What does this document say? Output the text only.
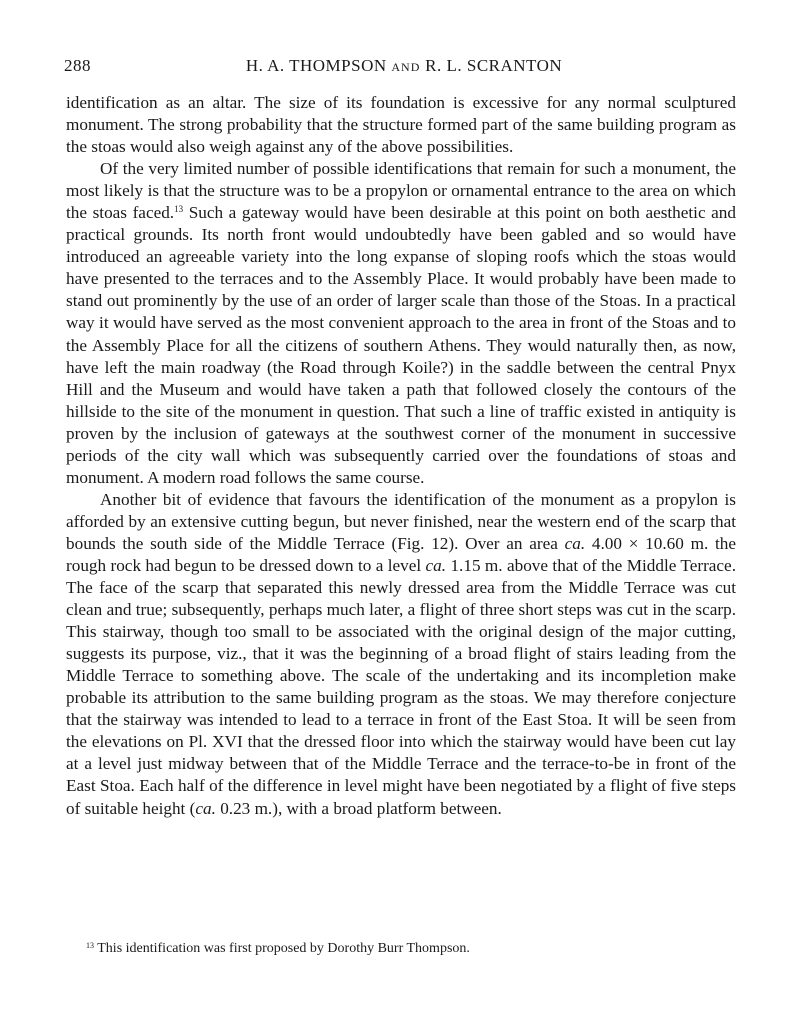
288	H. A. THOMPSON AND R. L. SCRANTON

identification as an altar. The size of its foundation is excessive for any normal sculptured monument. The strong probability that the structure formed part of the same building program as the stoas would also weigh against any of the above possibilities.

Of the very limited number of possible identifications that remain for such a monument, the most likely is that the structure was to be a propylon or ornamental entrance to the area on which the stoas faced.$^{13}$ Such a gateway would have been desirable at this point on both aesthetic and practical grounds. Its north front would undoubtedly have been gabled and so would have introduced an agreeable variety into the long expanse of sloping roofs which the stoas would have presented to the terraces and to the Assembly Place. It would probably have been made to stand out prominently by the use of an order of larger scale than those of the Stoas. In a practical way it would have served as the most convenient approach to the area in front of the Stoas and to the Assembly Place for all the citizens of southern Athens. They would naturally then, as now, have left the main roadway (the Road through Koile?) in the saddle between the central Pnyx Hill and the Museum and would have taken a path that followed closely the contours of the hillside to the site of the monument in question. That such a line of traffic existed in antiquity is proven by the inclusion of gateways at the southwest corner of the monument in successive periods of the city wall which was subsequently carried over the foundations of stoas and monument. A modern road follows the same course.

Another bit of evidence that favours the identification of the monument as a propylon is afforded by an extensive cutting begun, but never finished, near the western end of the scarp that bounds the south side of the Middle Terrace (Fig. 12). Over an area ca. 4.00 × 10.60 m. the rough rock had begun to be dressed down to a level ca. 1.15 m. above that of the Middle Terrace. The face of the scarp that separated this newly dressed area from the Middle Terrace was cut clean and true; subsequently, perhaps much later, a flight of three short steps was cut in the scarp. This stairway, though too small to be associated with the original design of the major cutting, suggests its purpose, viz., that it was the beginning of a broad flight of stairs leading from the Middle Terrace to something above. The scale of the undertaking and its incompletion make probable its attribution to the same building program as the stoas. We may therefore conjecture that the stairway was intended to lead to a terrace in front of the East Stoa. It will be seen from the elevations on Pl. XVI that the dressed floor into which the stairway would have been cut lay at a level just midway between that of the Middle Terrace and the terrace-to-be in front of the East Stoa. Each half of the difference in level might have been negotiated by a flight of five steps of suitable height (ca. 0.23 m.), with a broad platform between.

$^{13}$ This identification was first proposed by Dorothy Burr Thompson.
